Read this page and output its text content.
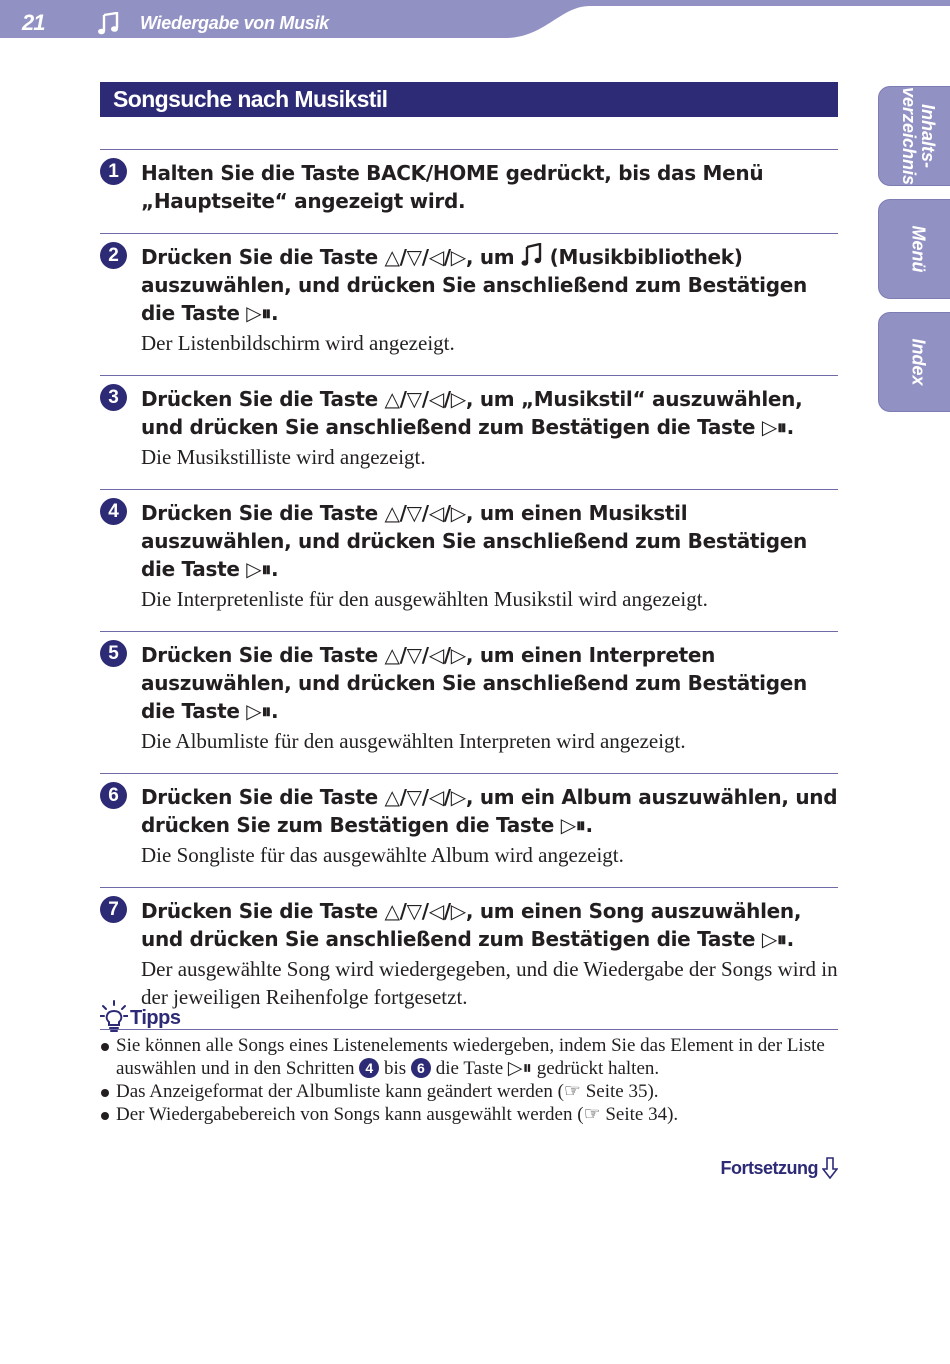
21	Wiedergabe von Musik
Inhalts-
verzeichnis
Menü
Index
Songsuche nach Musikstil
1	Halten Sie die Taste BACK/HOME gedrückt, bis das Menü „Hauptseite“ angezeigt wird.
2	Drücken Sie die Taste △/▽/◁/▷, um  (Musikbibliothek) auszuwählen, und drücken Sie anschließend zum Bestätigen die Taste ▷⏸.
Der Listenbildschirm wird angezeigt.
3	Drücken Sie die Taste △/▽/◁/▷, um „Musikstil“ auszuwählen, und drücken Sie anschließend zum Bestätigen die Taste ▷⏸.
Die Musikstilliste wird angezeigt.
4	Drücken Sie die Taste △/▽/◁/▷, um einen Musikstil auszuwählen, und drücken Sie anschließend zum Bestätigen die Taste ▷⏸.
Die Interpretenliste für den ausgewählten Musikstil wird angezeigt.
5	Drücken Sie die Taste △/▽/◁/▷, um einen Interpreten auszuwählen, und drücken Sie anschließend zum Bestätigen die Taste ▷⏸.
Die Albumliste für den ausgewählten Interpreten wird angezeigt.
6	Drücken Sie die Taste △/▽/◁/▷, um ein Album auszuwählen, und drücken Sie zum Bestätigen die Taste ▷⏸.
Die Songliste für das ausgewählte Album wird angezeigt.
7	Drücken Sie die Taste △/▽/◁/▷, um einen Song auszuwählen, und drücken Sie anschließend zum Bestätigen die Taste ▷⏸.
Der ausgewählte Song wird wiedergegeben, und die Wiedergabe der Songs wird in der jeweiligen Reihenfolge fortgesetzt.
Tipps
Sie können alle Songs eines Listenelements wiedergeben, indem Sie das Element in der Liste auswählen und in den Schritten 4 bis 6 die Taste ▷⏸ gedrückt halten.
Das Anzeigeformat der Albumliste kann geändert werden (☞ Seite 35).
Der Wiedergabebereich von Songs kann ausgewählt werden (☞ Seite 34).
Fortsetzung
